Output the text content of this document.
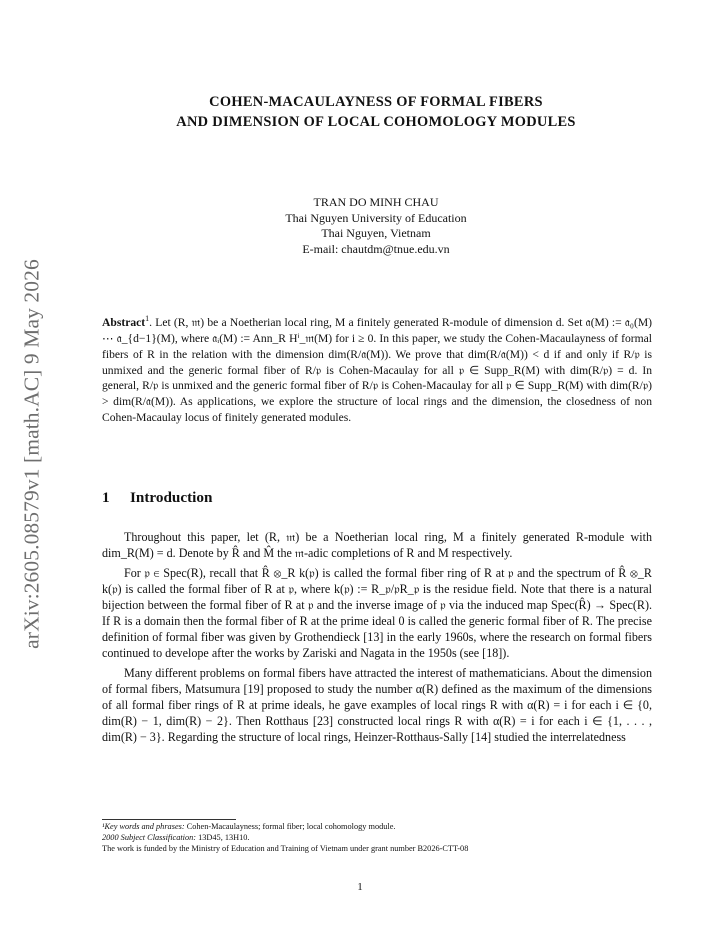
arXiv:2605.08579v1 [math.AC] 9 May 2026
COHEN-MACAULAYNESS OF FORMAL FIBERS
AND DIMENSION OF LOCAL COHOMOLOGY MODULES
TRAN DO MINH CHAU
Thai Nguyen University of Education
Thai Nguyen, Vietnam
E-mail: chautdm@tnue.edu.vn

Abstract$^1$. Let (R, 𝔪) be a Noetherian local ring, M a finitely generated R-module of dimension d. Set 𝔞(M) := 𝔞₀(M) ⋯ 𝔞_{d−1}(M), where 𝔞ᵢ(M) := Ann_R Hⁱ_𝔪(M) for i ≥ 0. In this paper, we study the Cohen-Macaulayness of formal fibers of R in the relation with the dimension dim(R/𝔞(M)). We prove that dim(R/𝔞(M)) < d if and only if R/𝔭 is unmixed and the generic formal fiber of R/𝔭 is Cohen-Macaulay for all 𝔭 ∈ Supp_R(M) with dim(R/𝔭) = d. In general, R/𝔭 is unmixed and the generic formal fiber of R/𝔭 is Cohen-Macaulay for all 𝔭 ∈ Supp_R(M) with dim(R/𝔭) > dim(R/𝔞(M)). As applications, we explore the structure of local rings and the dimension, the closedness of non Cohen-Macaulay locus of finitely generated modules.

1 Introduction

Throughout this paper, let (R, 𝔪) be a Noetherian local ring, M a finitely generated R-module with dim_R(M) = d. Denote by R̂ and M̂ the 𝔪-adic completions of R and M respectively.

For 𝔭 ∈ Spec(R), recall that R̂ ⊗_R k(𝔭) is called the formal fiber ring of R at 𝔭 and the spectrum of R̂ ⊗_R k(𝔭) is called the formal fiber of R at 𝔭, where k(𝔭) := R_𝔭/𝔭R_𝔭 is the residue field. Note that there is a natural bijection between the formal fiber of R at 𝔭 and the inverse image of 𝔭 via the induced map Spec(R̂) → Spec(R). If R is a domain then the formal fiber of R at the prime ideal 0 is called the generic formal fiber of R. The precise definition of formal fiber was given by Grothendieck [13] in the early 1960s, where the research on formal fibers continued to develope after the works by Zariski and Nagata in the 1950s (see [18]).

Many different problems on formal fibers have attracted the interest of mathematicians. About the dimension of formal fibers, Matsumura [19] proposed to study the number α(R) defined as the maximum of the dimensions of all formal fiber rings of R at prime ideals, he gave examples of local rings R with α(R) = i for each i ∈ {0, dim(R) − 1, dim(R) − 2}. Then Rotthaus [23] constructed local rings R with α(R) = i for each i ∈ {1, . . . , dim(R) − 3}. Regarding the structure of local rings, Heinzer-Rotthaus-Sally [14] studied the interrelatedness

¹Key words and phrases: Cohen-Macaulayness; formal fiber; local cohomology module.
2000 Subject Classification: 13D45, 13H10.
The work is funded by the Ministry of Education and Training of Vietnam under grant number B2026-CTT-08
1
